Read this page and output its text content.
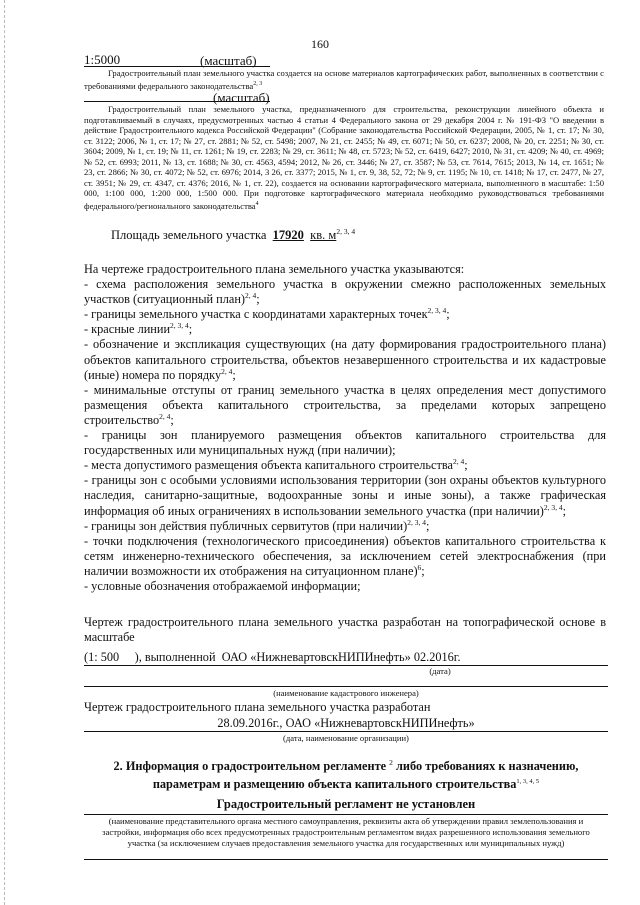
160
1:5000	(масштаб)
Градостроительный план земельного участка создается на основе материалов картографических работ, выполненных в соответствии с требованиями федерального законодательства$^{2, 3}$
(масштаб)
Градостроительный план земельного участка, предназначенного для строительства, реконструкции линейного объекта и подготавливаемый в случаях, предусмотренных частью 4 статьи 4 Федерального закона от 29 декабря 2004 г. № 191-ФЗ "О введении в действие Градостроительного кодекса Российской Федерации" (Собрание законодательства Российской Федерации, 2005, № 1, ст. 17; № 30, ст. 3122; 2006, № 1, ст. 17; № 27, ст. 2881; № 52, ст. 5498; 2007, № 21, ст. 2455; № 49, ст. 6071; № 50, ст. 6237; 2008, № 20, ст. 2251; № 30, ст. 3604; 2009, № 1, ст. 19; № 11, ст. 1261; № 19, ст. 2283; № 29, ст. 3611; № 48, ст. 5723; № 52, ст. 6419, 6427; 2010, № 31, ст. 4209; № 40, ст. 4969; № 52, ст. 6993; 2011, № 13, ст. 1688; № 30, ст. 4563, 4594; 2012, № 26, ст. 3446; № 27, ст. 3587; № 53, ст. 7614, 7615; 2013, № 14, ст. 1651; № 23, ст. 2866; № 30, ст. 4072; № 52, ст. 6976; 2014, 3 26, ст. 3377; 2015, № 1, ст. 9, 38, 52, 72; № 9, ст. 1195; № 10, ст. 1418; № 17, ст. 2477, № 27, ст. 3951; № 29, ст. 4347, ст. 4376; 2016, № 1, ст. 22), создается на основании картографического материала, выполненного в масштабе: 1:50 000, 1:100 000, 1:200 000, 1:500 000. При подготовке картографического материала необходимо руководствоваться требованиями федерального/регионального законодательства$^4$
Площадь земельного участка 17920 кв. $м^{2, 3, 4}$

На чертеже градостроительного плана земельного участка указываются:

- схема расположения земельного участка в окружении смежно расположенных земельных участков (ситуационный план)$^{2, 4}$;

- границы земельного участка с координатами характерных точек$^{2, 3, 4}$;

- красные линии$^{2, 3, 4}$;

- обозначение и экспликация существующих (на дату формирования градостроительного плана) объектов капитального строительства, объектов незавершенного строительства и их кадастровые (иные) номера по порядку$^{2, 4}$;

- минимальные отступы от границ земельного участка в целях определения мест допустимого размещения объекта капитального строительства, за пределами которых запрещено строительство$^{2, 4}$;

- границы зон планируемого размещения объектов капитального строительства для государственных или муниципальных нужд (при наличии);

- места допустимого размещения объекта капитального строительства$^{2, 4}$;

- границы зон с особыми условиями использования территории (зон охраны объектов культурного наследия, санитарно-защитные, водоохранные зоны и иные зоны), а также графическая информация об иных ограничениях в использовании земельного участка (при наличии)$^{2, 3, 4}$;

- границы зон действия публичных сервитутов (при наличии)$^{2, 3, 4}$;

- точки подключения (технологического присоединения) объектов капитального строительства к сетям инженерно-технического обеспечения, за исключением сетей электроснабжения (при наличии возможности их отображения на ситуационном плане)$^6$;

- условные обозначения отображаемой информации;

Чертеж градостроительного плана земельного участка разработан на топографической основе в масштабе
(1: 500 ), выполненной ОАО «НижневартовскНИПИнефть» 02.2016г.
(дата)
(наименование кадастрового инженера)
Чертеж градостроительного плана земельного участка разработан
28.09.2016г., ОАО «НижневартовскНИПИнефть»
(дата, наименование организации)
2. Информация о градостроительном регламенте $^2$ либо требованиях к назначению,
параметрам и размещению объекта капитального строительства$^{1, 3, 4, 5}$
Градостроительный регламент не установлен
(наименование представительного органа местного самоуправления, реквизиты акта об утверждении правил землепользования и застройки, информация обо всех предусмотренных градостроительным регламентом видах разрешенного использования земельного участка (за исключением случаев предоставления земельного участка для государственных или муниципальных нужд)
